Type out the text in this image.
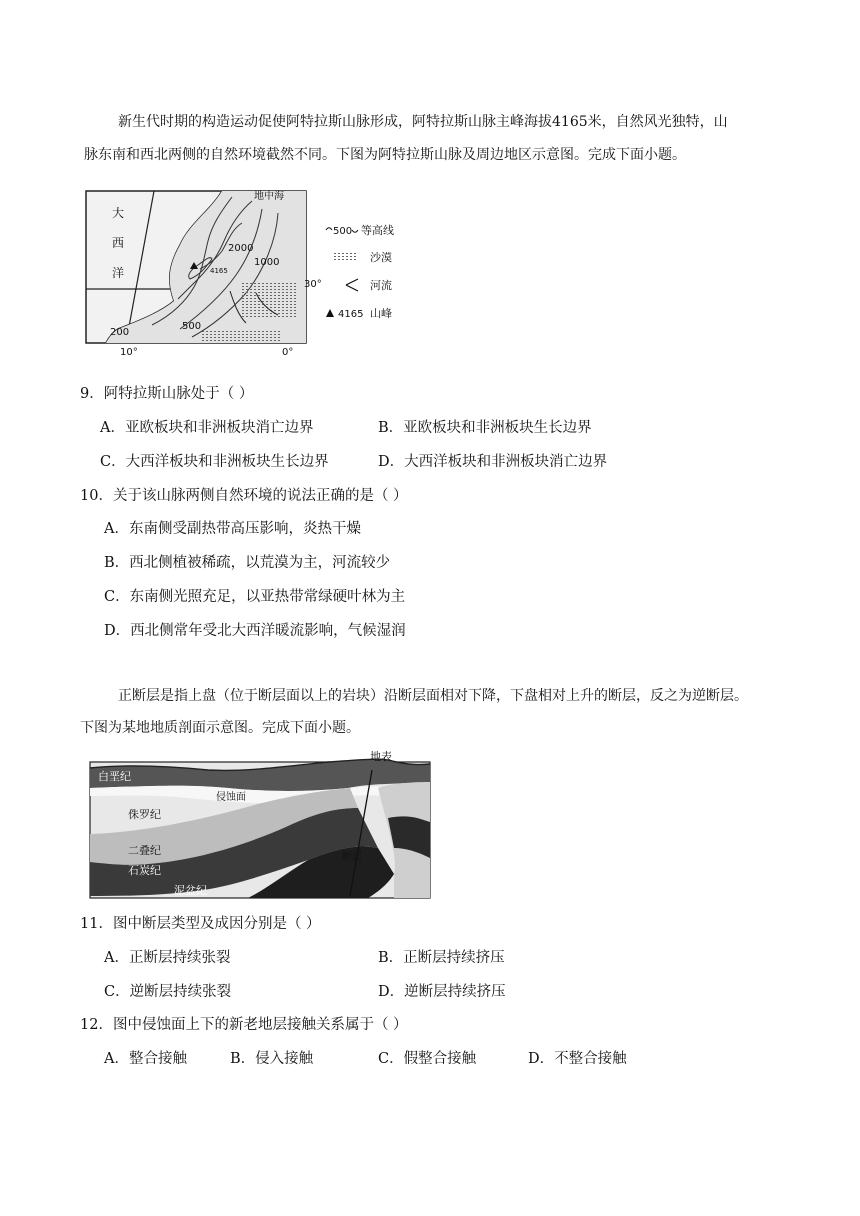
新生代时期的构造运动促使阿特拉斯山脉形成，阿特拉斯山脉主峰海拔4165米，自然风光独特，山
脉东南和西北两侧的自然环境截然不同。下图为阿特拉斯山脉及周边地区示意图。完成下面小题。
地中海
大
西
洋
2000
1000
500
200
4165
30°
10°	0°
500 等高线
沙漠
河流
4165 山峰
9．阿特拉斯山脉处于（ ）
A．亚欧板块和非洲板块消亡边界	B．亚欧板块和非洲板块生长边界
C．大西洋板块和非洲板块生长边界	D．大西洋板块和非洲板块消亡边界
10．关于该山脉两侧自然环境的说法正确的是（ ）
A．东南侧受副热带高压影响，炎热干燥
B．西北侧植被稀疏，以荒漠为主，河流较少
C．东南侧光照充足，以亚热带常绿硬叶林为主
D．西北侧常年受北大西洋暖流影响，气候湿润
正断层是指上盘（位于断层面以上的岩块）沿断层面相对下降，下盘相对上升的断层，反之为逆断层。
下图为某地地质剖面示意图。完成下面小题。
地表
白垩纪
侵蚀面
侏罗纪
二叠纪
石炭纪
泥盆纪
断层
11．图中断层类型及成因分别是（ ）
A．正断层持续张裂	B．正断层持续挤压
C．逆断层持续张裂	D．逆断层持续挤压
12．图中侵蚀面上下的新老地层接触关系属于（ ）
A．整合接触	B．侵入接触	C．假整合接触	D．不整合接触
